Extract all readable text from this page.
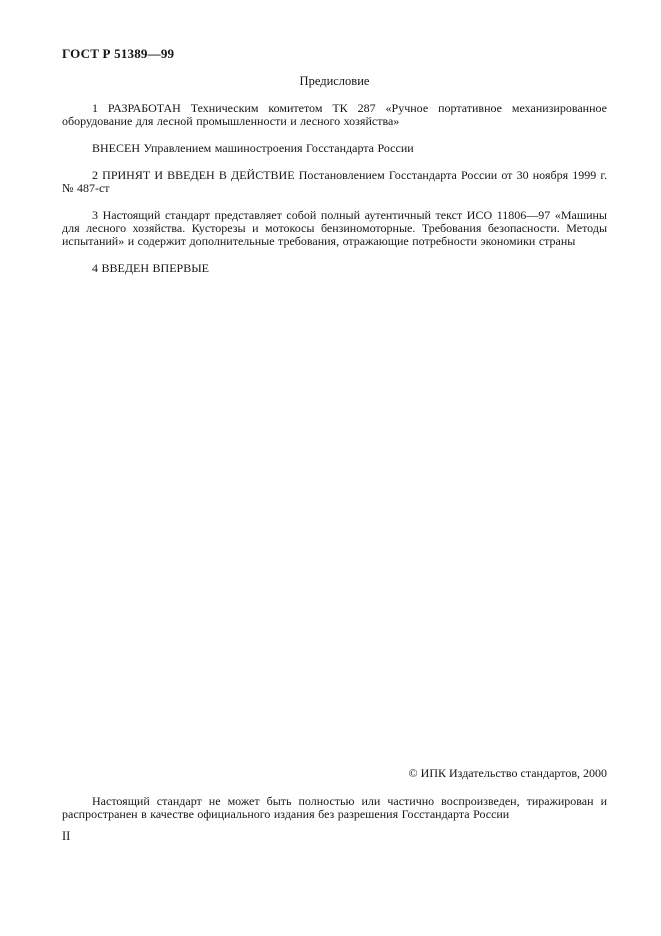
ГОСТ Р 51389—99
Предисловие

1 РАЗРАБОТАН Техническим комитетом ТК 287 «Ручное портативное механизированное оборудование для лесной промышленности и лесного хозяйства»

ВНЕСЕН Управлением машиностроения Госстандарта России

2 ПРИНЯТ И ВВЕДЕН В ДЕЙСТВИЕ Постановлением Госстандарта России от 30 ноября 1999 г. № 487-ст

3 Настоящий стандарт представляет собой полный аутентичный текст ИСО 11806—97 «Машины для лесного хозяйства. Кусторезы и мотокосы бензиномоторные. Требования безопасности. Методы испытаний» и содержит дополнительные требования, отражающие потребности экономики страны

4 ВВЕДЕН ВПЕРВЫЕ

© ИПК Издательство стандартов, 2000

Настоящий стандарт не может быть полностью или частично воспроизведен, тиражирован и распространен в качестве официального издания без разрешения Госстандарта России

II
